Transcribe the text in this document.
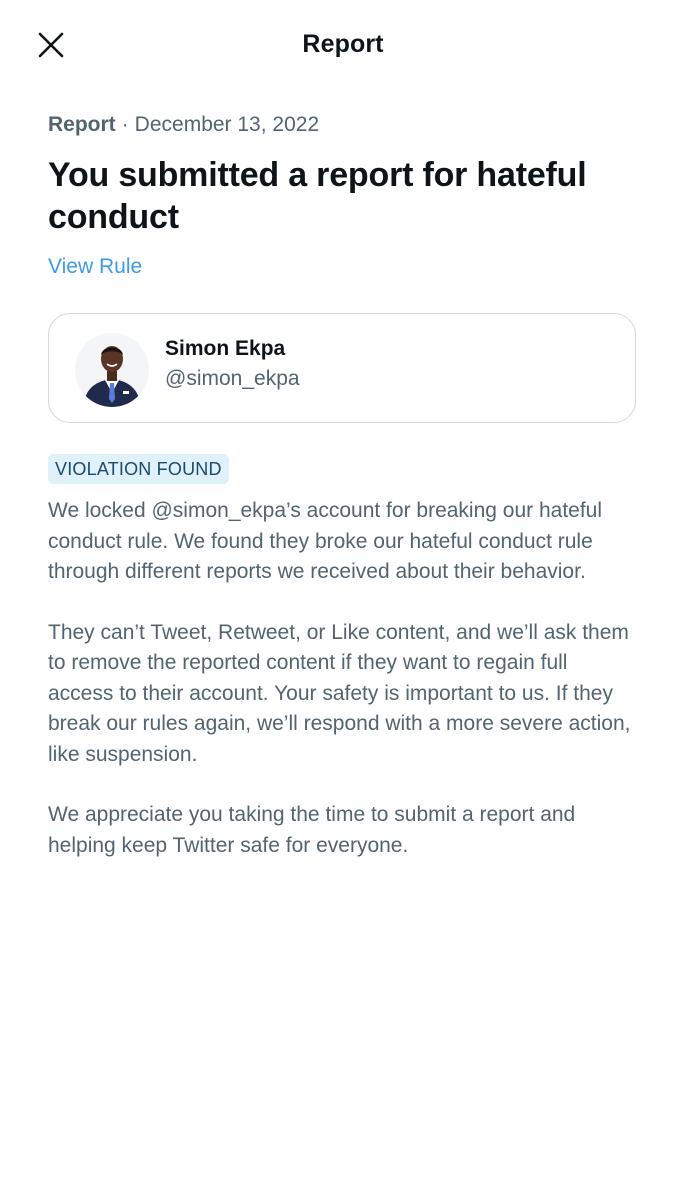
Report
Report · December 13, 2022
You submitted a report for hateful conduct
View Rule
Simon Ekpa
@simon_ekpa
VIOLATION FOUND

We locked @simon_ekpa’s account for breaking our hateful conduct rule. We found they broke our hateful conduct rule through different reports we received about their behavior.

They can’t Tweet, Retweet, or Like content, and we’ll ask them to remove the reported content if they want to regain full access to their account. Your safety is important to us. If they break our rules again, we’ll respond with a more severe action, like suspension.

We appreciate you taking the time to submit a report and helping keep Twitter safe for everyone.
